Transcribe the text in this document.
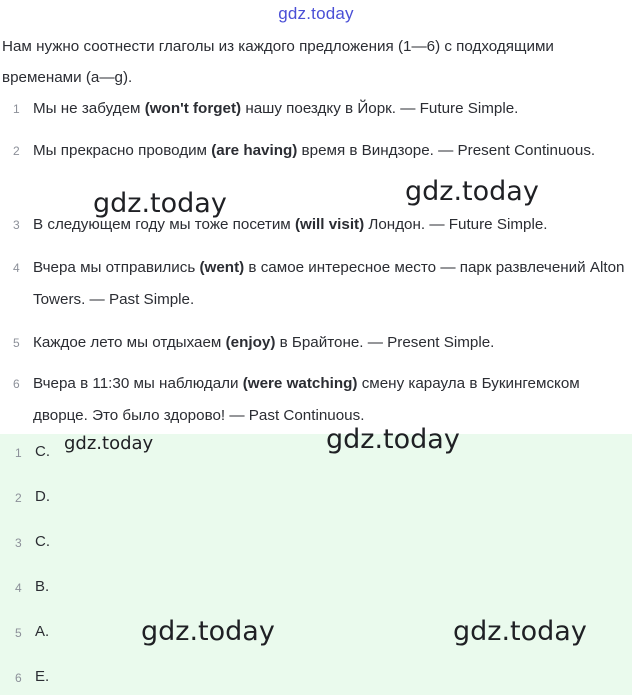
gdz.today
Нам нужно соотнести глаголы из каждого предложения (1—6) с подходящими временами (a—g).
1 Мы не забудем (won't forget) нашу поездку в Йорк. — Future Simple.
2 Мы прекрасно проводим (are having) время в Виндзоре. — Present Continuous.
3 В следующем году мы тоже посетим (will visit) Лондон. — Future Simple.
4 Вчера мы отправились (went) в самое интересное место — парк развлечений Alton Towers. — Past Simple.
5 Каждое лето мы отдыхаем (enjoy) в Брайтоне. — Present Simple.
6 Вчера в 11:30 мы наблюдали (were watching) смену караула в Букингемском дворце. Это было здорово! — Past Continuous.
1 C.
2 D.
3 C.
4 B.
5 A.
6 E.
gdz.today	gdz.today
gdz.today	gdz.today
gdz.today	gdz.today
